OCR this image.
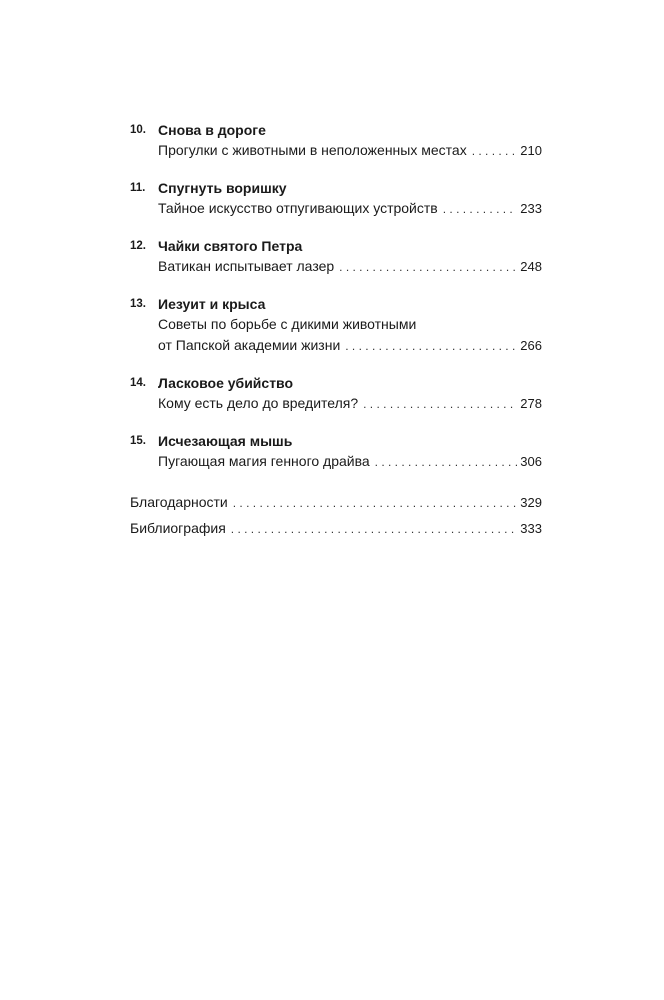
10. Снова в дороге
Прогулки с животными в неположенных местах . . .	210
11. Спугнуть воришку
Тайное искусство отпугивающих устройств . . .	233
12. Чайки святого Петра
Ватикан испытывает лазер . . .	248
13. Иезуит и крыса
Советы по борьбе с дикими животными
от Папской академии жизни . . .	266
14. Ласковое убийство
Кому есть дело до вредителя? . . .	278
15. Исчезающая мышь
Пугающая магия генного драйва . . .	306
Благодарности . . .	329
Библиография . . .	333
